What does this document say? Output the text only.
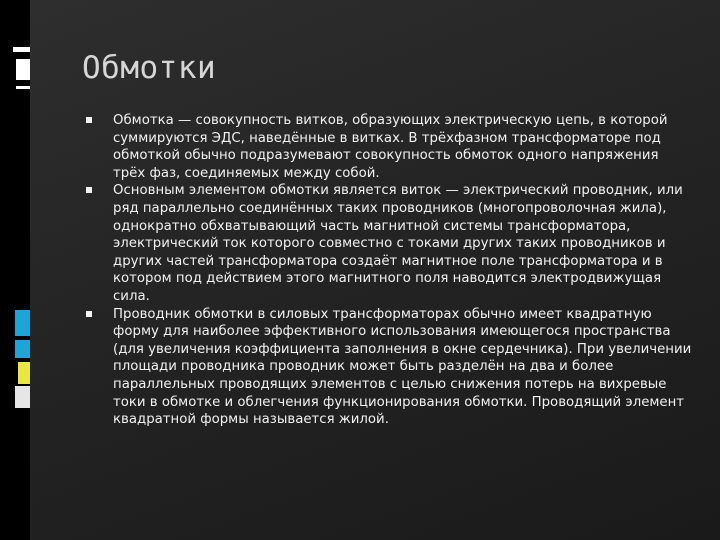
Обмотки
Обмотка — совокупность витков, образующих электрическую цепь, в которой суммируются ЭДС, наведённые в витках. В трёхфазном трансформаторе под обмоткой обычно подразумевают совокупность обмоток одного напряжения трёх фаз, соединяемых между собой.
Основным элементом обмотки является виток — электрический проводник, или ряд параллельно соединённых таких проводников (многопроволочная жила), однократно обхватывающий часть магнитной системы трансформатора, электрический ток которого совместно с токами других таких проводников и других частей трансформатора создаёт магнитное поле трансформатора и в котором под действием этого магнитного поля наводится электродвижущая сила.
Проводник обмотки в силовых трансформаторах обычно имеет квадратную форму для наиболее эффективного использования имеющегося пространства (для увеличения коэффициента заполнения в окне сердечника). При увеличении площади проводника проводник может быть разделён на два и более параллельных проводящих элементов с целью снижения потерь на вихревые токи в обмотке и облегчения функционирования обмотки. Проводящий элемент квадратной формы называется жилой.
